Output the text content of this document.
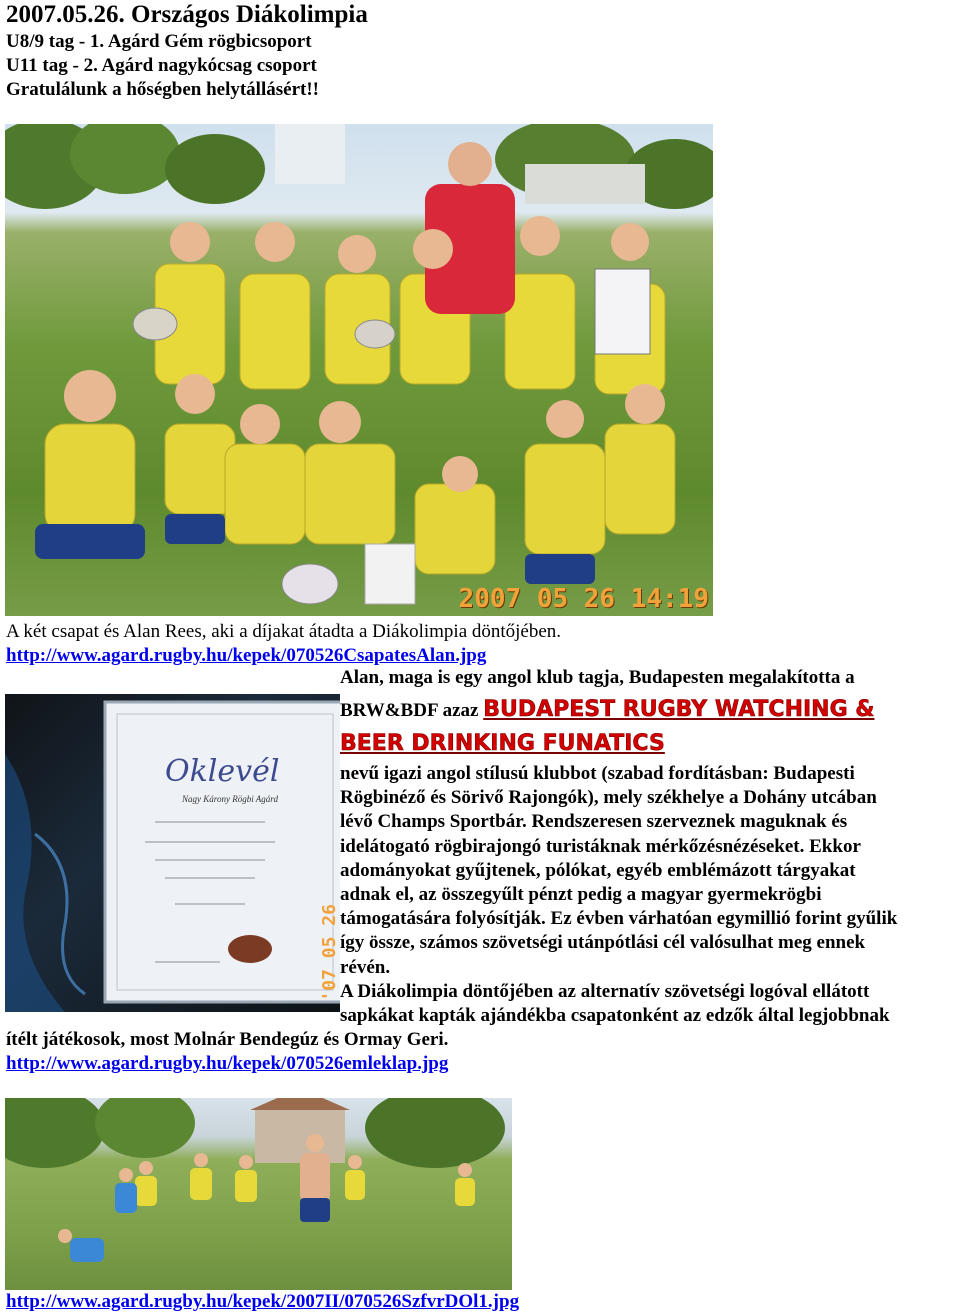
2007.05.26. Országos Diákolimpia
U8/9 tag - 1. Agárd Gém rögbicsoport
U11 tag - 2. Agárd nagykócsag csoport
Gratulálunk a hőségben helytállásért!!
2007 05 26 14:19
A két csapat és Alan Rees, aki a díjakat átadta a Diákolimpia döntőjében.
http://www.agard.rugby.hu/kepek/070526CsapatesAlan.jpg
Oklevél
Nagy Károny Rögbi Agárd
'07 05 26
Alan, maga is egy angol klub tagja, Budapesten megalakította a
BRW&BDF azaz BUDAPEST RUGBY WATCHING &
BEER DRINKING FUNATICS
nevű igazi angol stílusú klubbot (szabad fordításban: Budapesti
Rögbinéző és Sörivő Rajongók), mely székhelye a Dohány utcában
lévő Champs Sportbár. Rendszeresen szerveznek maguknak és
idelátogató rögbirajongó turistáknak mérkőzésnézéseket. Ekkor
adományokat gyűjtenek, pólókat, egyéb emblémázott tárgyakat
adnak el, az összegyűlt pénzt pedig a magyar gyermekrögbi
támogatására folyósítják. Ez évben várhatóan egymillió forint gyűlik
így össze, számos szövetségi utánpótlási cél valósulhat meg ennek
révén.
A Diákolimpia döntőjében az alternatív szövetségi logóval ellátott
sapkákat kapták ajándékba csapatonként az edzők által legjobbnak
ítélt játékosok, most Molnár Bendegúz és Ormay Geri.
http://www.agard.rugby.hu/kepek/070526emleklap.jpg
http://www.agard.rugby.hu/kepek/2007II/070526SzfvrDOl1.jpg
